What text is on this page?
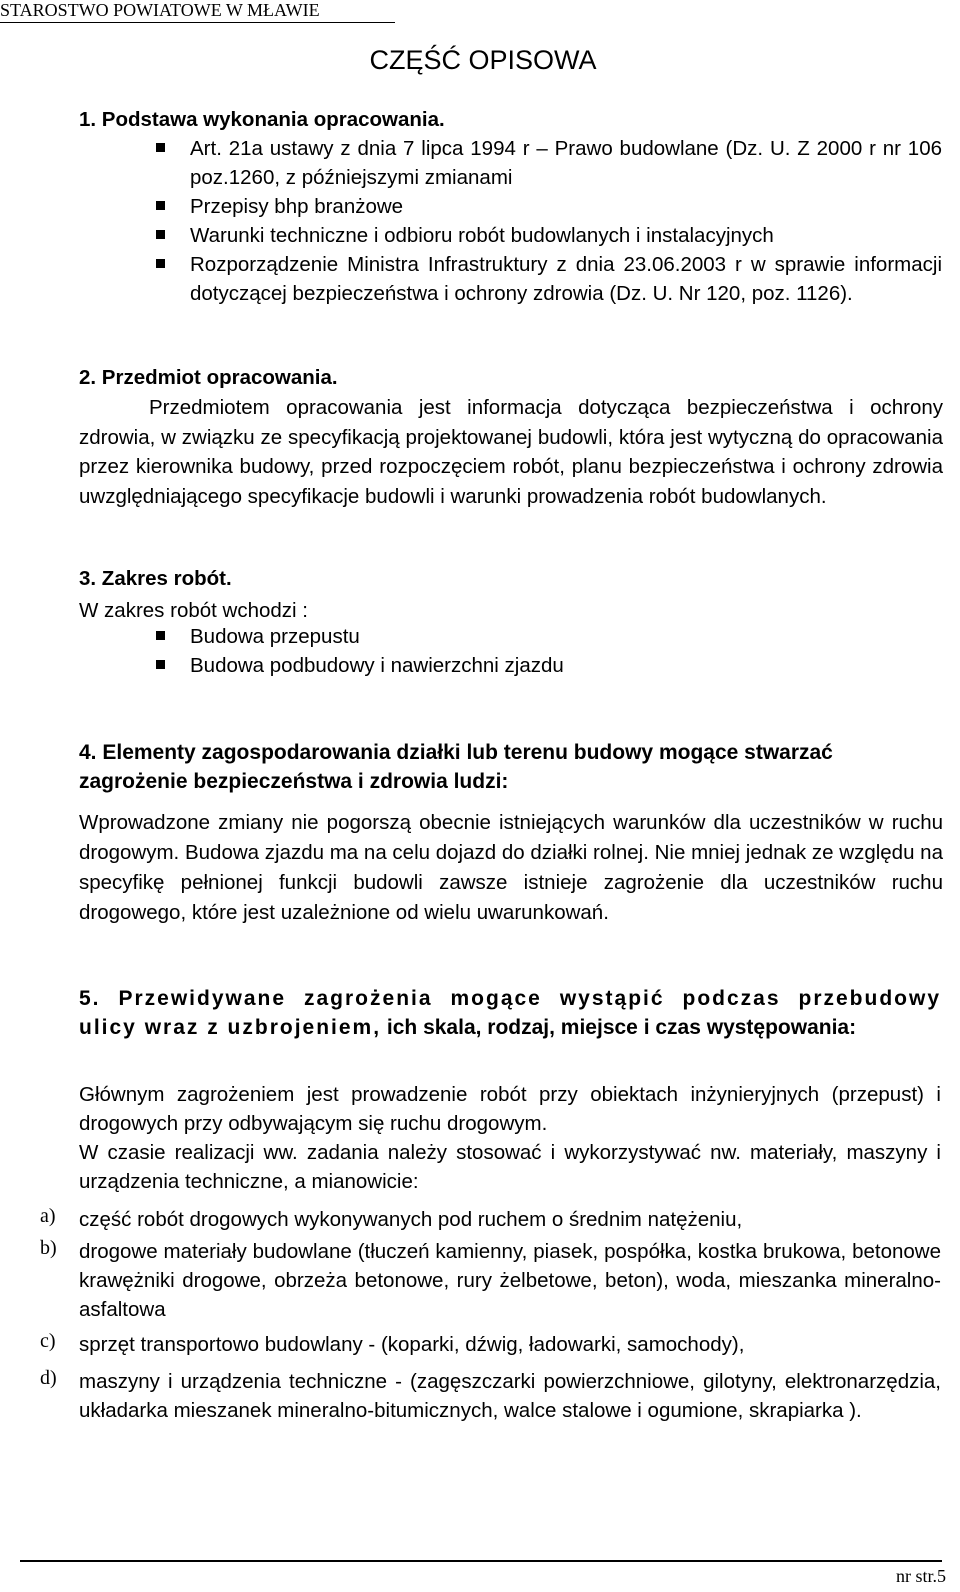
STAROSTWO POWIATOWE W MŁAWIE
CZĘŚĆ OPISOWA
1. Podstawa wykonania opracowania.
Art. 21a ustawy z dnia 7 lipca 1994 r – Prawo budowlane (Dz. U. Z 2000 r nr 106 poz.1260, z późniejszymi zmianami
Przepisy bhp branżowe
Warunki techniczne i odbioru robót budowlanych i instalacyjnych
Rozporządzenie Ministra Infrastruktury z dnia 23.06.2003 r w sprawie informacji dotyczącej bezpieczeństwa i ochrony zdrowia (Dz. U. Nr 120, poz. 1126).
2. Przedmiot opracowania.
Przedmiotem opracowania jest informacja dotycząca bezpieczeństwa i ochrony zdrowia, w związku ze specyfikacją projektowanej budowli, która jest wytyczną do opracowania przez kierownika budowy, przed rozpoczęciem robót, planu bezpieczeństwa i ochrony zdrowia uwzględniającego specyfikacje budowli i warunki prowadzenia robót budowlanych.
3. Zakres robót.
W zakres robót wchodzi :
Budowa przepustu
Budowa podbudowy i nawierzchni zjazdu
4. Elementy zagospodarowania działki lub terenu budowy mogące stwarzać zagrożenie bezpieczeństwa i zdrowia ludzi:
Wprowadzone zmiany nie pogorszą obecnie istniejących warunków dla uczestników w ruchu drogowym. Budowa zjazdu ma na celu dojazd do działki rolnej. Nie mniej jednak ze względu na specyfikę pełnionej funkcji budowli zawsze istnieje zagrożenie dla uczestników ruchu drogowego, które jest uzależnione od wielu uwarunkowań.
5. Przewidywane zagrożenia mogące wystąpić podczas przebudowy ulicy wraz z uzbrojeniem, ich skala, rodzaj, miejsce i czas występowania:
Głównym zagrożeniem jest prowadzenie robót przy obiektach inżynieryjnych (przepust) i drogowych przy odbywającym się ruchu drogowym.
W czasie realizacji ww. zadania należy stosować i wykorzystywać nw. materiały, maszyny i urządzenia techniczne, a mianowicie:
a) część robót drogowych wykonywanych pod ruchem o średnim natężeniu,
b) drogowe materiały budowlane (tłuczeń kamienny, piasek, pospółka, kostka brukowa, betonowe krawężniki drogowe, obrzeża betonowe, rury żelbetowe, beton), woda, mieszanka mineralno-asfaltowa
c) sprzęt transportowo budowlany - (koparki, dźwig, ładowarki, samochody),
d) maszyny i urządzenia techniczne - (zagęszczarki powierzchniowe, gilotyny, elektronarzędzia, układarka mieszanek mineralno-bitumicznych, walce stalowe i ogumione, skrapiarka ).
nr str.5
